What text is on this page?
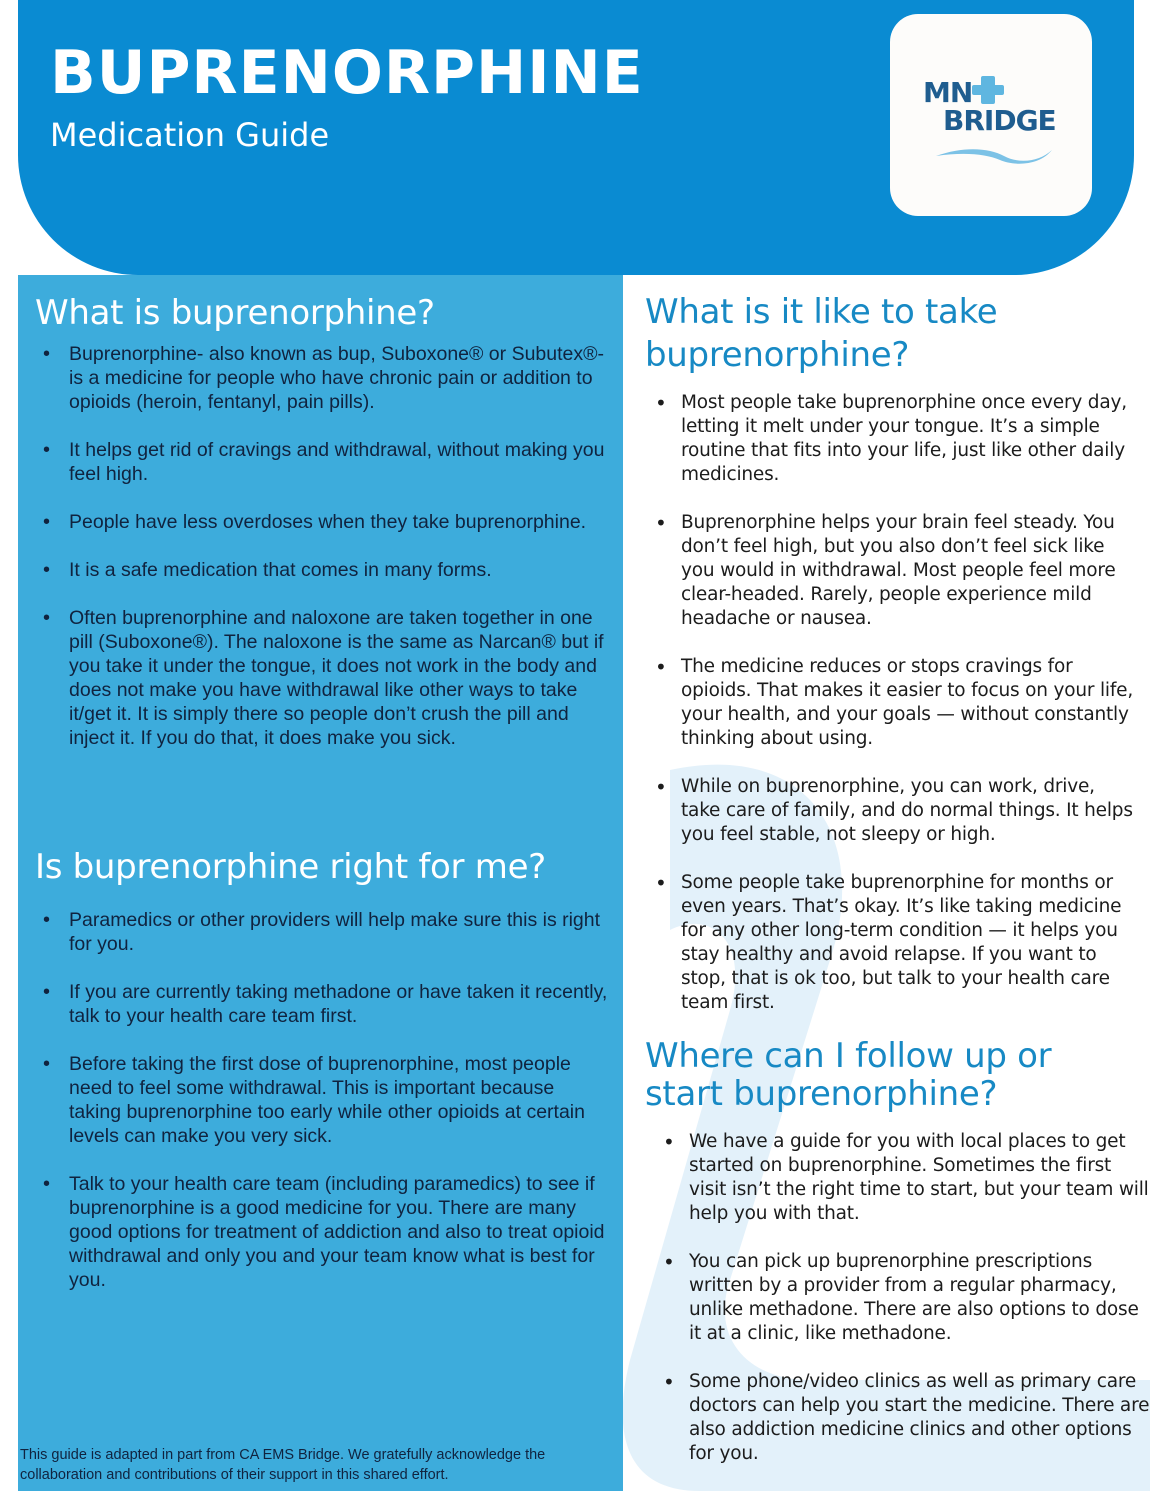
BUPRENORPHINE

Medication Guide

MN
BRIDGE
What is buprenorphine?
• Buprenorphine- also known as bup, Suboxone® or Subutex®- is a medicine for people who have chronic pain or addition to opioids (heroin, fentanyl, pain pills).
• It helps get rid of cravings and withdrawal, without making you feel high.
• People have less overdoses when they take buprenorphine.
• It is a safe medication that comes in many forms.
• Often buprenorphine and naloxone are taken together in one pill (Suboxone®). The naloxone is the same as Narcan® but if you take it under the tongue, it does not work in the body and does not make you have withdrawal like other ways to take it/get it. It is simply there so people don’t crush the pill and inject it. If you do that, it does make you sick.
Is buprenorphine right for me?
• Paramedics or other providers will help make sure this is right for you.
• If you are currently taking methadone or have taken it recently, talk to your health care team first.
• Before taking the first dose of buprenorphine, most people need to feel some withdrawal. This is important because taking buprenorphine too early while other opioids at certain levels can make you very sick.
• Talk to your health care team (including paramedics) to see if buprenorphine is a good medicine for you. There are many good options for treatment of addiction and also to treat opioid withdrawal and only you and your team know what is best for you.

This guide is adapted in part from CA EMS Bridge. We gratefully acknowledge the collaboration and contributions of their support in this shared effort.

What is it like to take
buprenorphine?
• Most people take buprenorphine once every day, letting it melt under your tongue. It’s a simple routine that fits into your life, just like other daily medicines.
• Buprenorphine helps your brain feel steady. You don’t feel high, but you also don’t feel sick like you would in withdrawal. Most people feel more clear-headed. Rarely, people experience mild headache or nausea.
• The medicine reduces or stops cravings for opioids. That makes it easier to focus on your life, your health, and your goals — without constantly thinking about using.
• While on buprenorphine, you can work, drive, take care of family, and do normal things. It helps you feel stable, not sleepy or high.
• Some people take buprenorphine for months or even years. That’s okay. It’s like taking medicine for any other long-term condition — it helps you stay healthy and avoid relapse. If you want to stop, that is ok too, but talk to your health care team first.
Where can I follow up or
start buprenorphine?
• We have a guide for you with local places to get started on buprenorphine. Sometimes the first visit isn’t the right time to start, but your team will help you with that.
• You can pick up buprenorphine prescriptions written by a provider from a regular pharmacy, unlike methadone. There are also options to dose it at a clinic, like methadone.
• Some phone/video clinics as well as primary care doctors can help you start the medicine. There are also addiction medicine clinics and other options for you.
